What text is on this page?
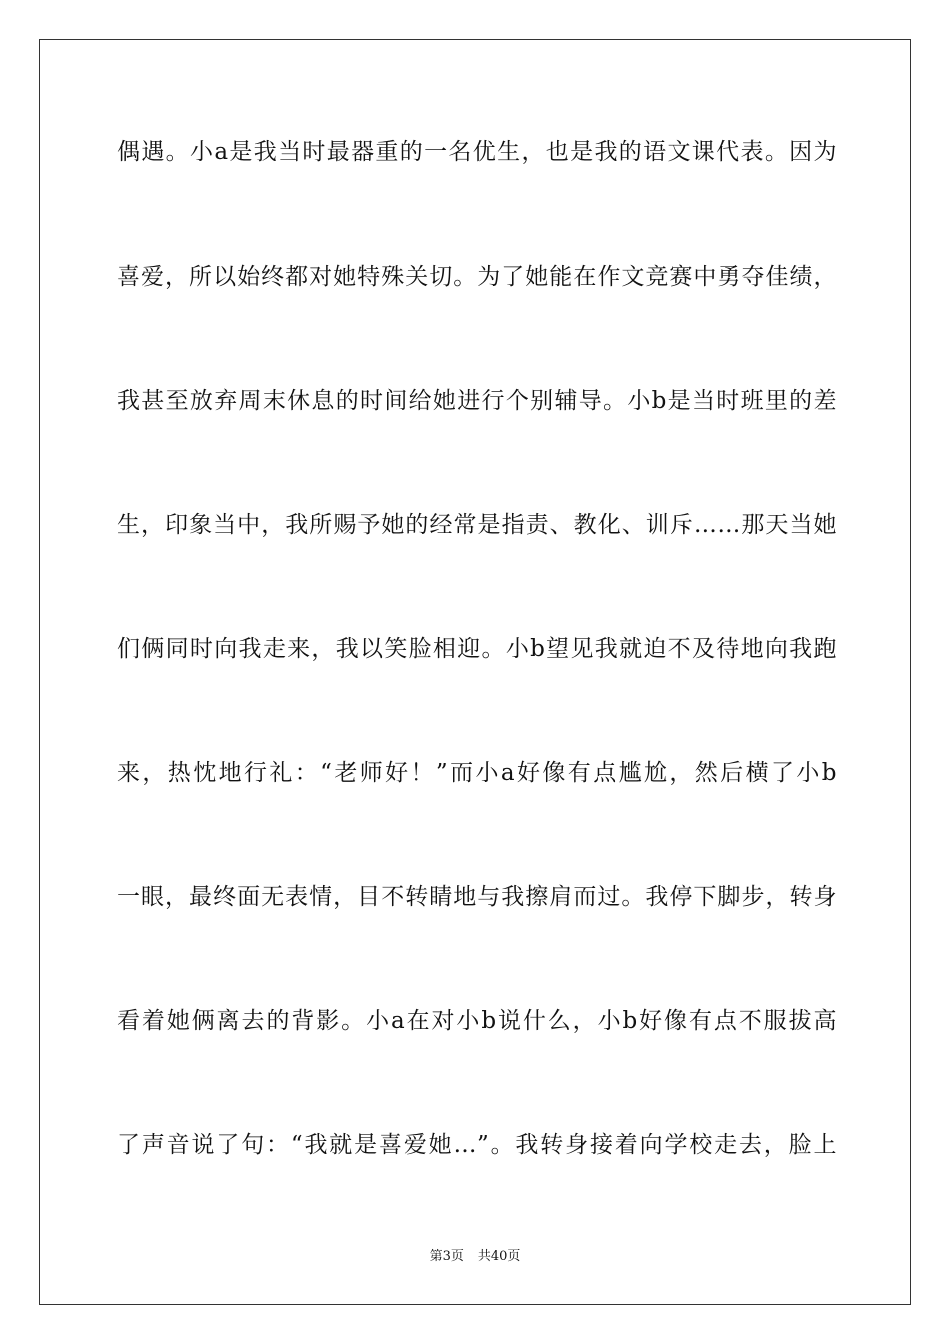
偶遇。小a是我当时最器重的一名优生，也是我的语文课代表。因为
喜爱，所以始终都对她特殊关切。为了她能在作文竞赛中勇夺佳绩，
我甚至放弃周末休息的时间给她进行个别辅导。小b是当时班里的差
生，印象当中，我所赐予她的经常是指责、教化、训斥……那天当她
们俩同时向我走来，我以笑脸相迎。小b望见我就迫不及待地向我跑
来，热忱地行礼：“老师好！”而小a好像有点尴尬，然后横了小b
一眼，最终面无表情，目不转睛地与我擦肩而过。我停下脚步，转身
看着她俩离去的背影。小a在对小b说什么，小b好像有点不服拔高
了声音说了句：“我就是喜爱她…”。我转身接着向学校走去，脸上
第3页 共40页
